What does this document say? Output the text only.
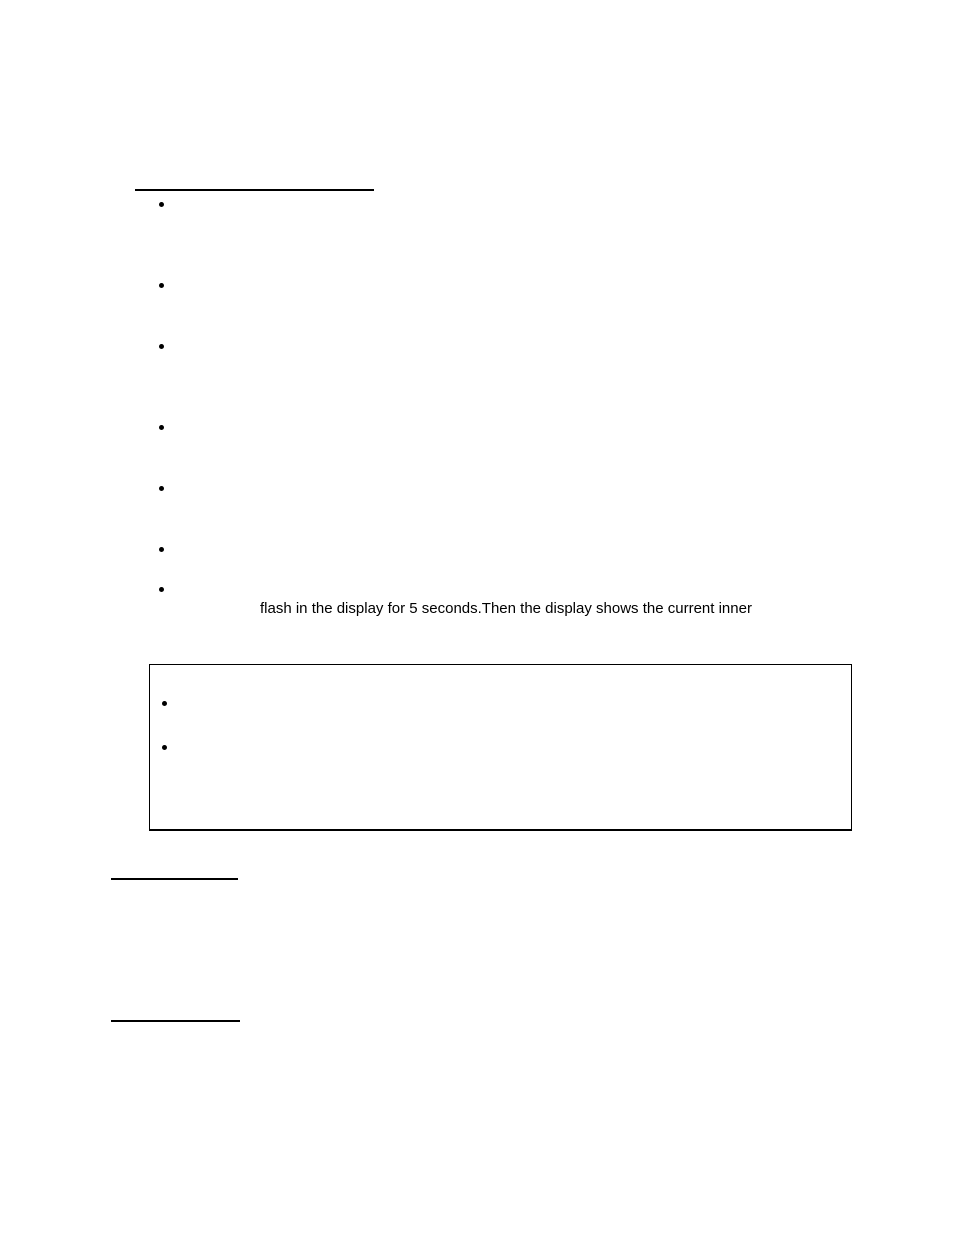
flash in the display for 5 seconds.Then the display shows the current inner
